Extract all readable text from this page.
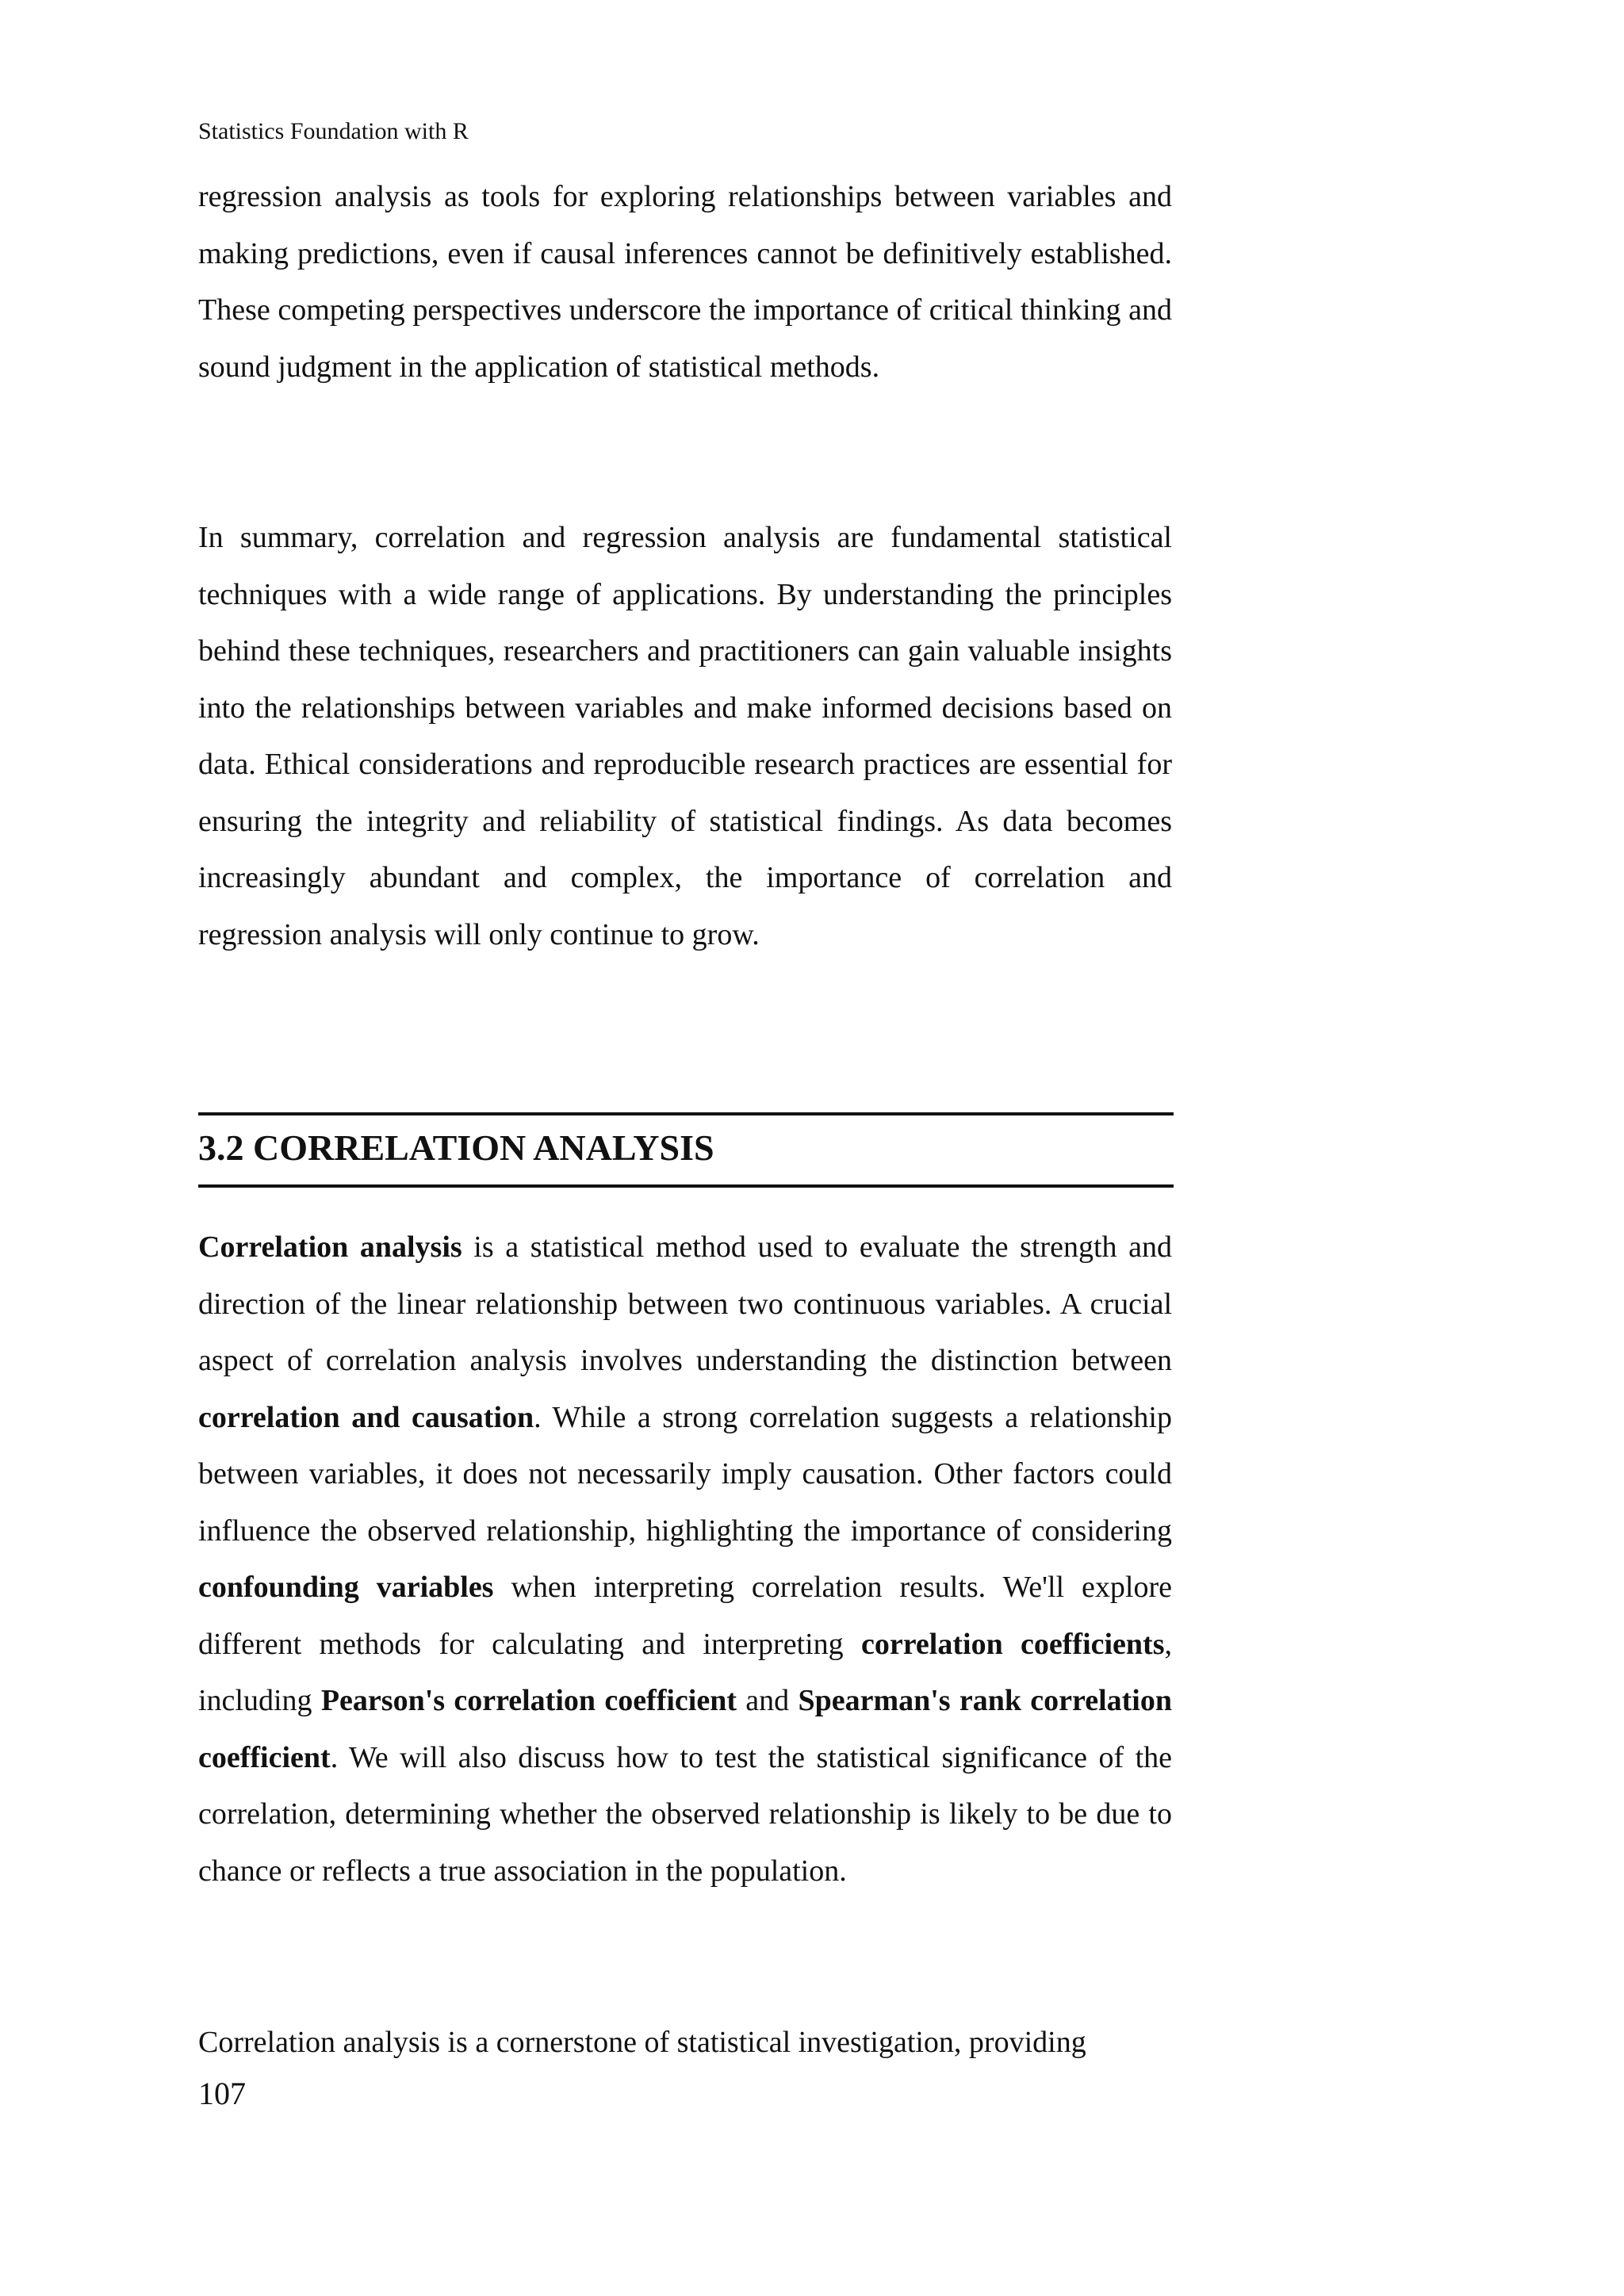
Statistics Foundation with R

regression analysis as tools for exploring relationships between variables and making predictions, even if causal inferences cannot be definitively established. These competing perspectives underscore the importance of critical thinking and sound judgment in the application of statistical methods.

In summary, correlation and regression analysis are fundamental statistical techniques with a wide range of applications. By understanding the principles behind these techniques, researchers and practitioners can gain valuable insights into the relationships between variables and make informed decisions based on data. Ethical considerations and reproducible research practices are essential for ensuring the integrity and reliability of statistical findings. As data becomes increasingly abundant and complex, the importance of correlation and regression analysis will only continue to grow.

3.2 CORRELATION ANALYSIS

Correlation analysis is a statistical method used to evaluate the strength and direction of the linear relationship between two continuous variables. A crucial aspect of correlation analysis involves understanding the distinction between correlation and causation. While a strong correlation suggests a relationship between variables, it does not necessarily imply causation. Other factors could influence the observed relationship, highlighting the importance of considering confounding variables when interpreting correlation results. We'll explore different methods for calculating and interpreting correlation coefficients, including Pearson's correlation coefficient and Spearman's rank correlation coefficient. We will also discuss how to test the statistical significance of the correlation, determining whether the observed relationship is likely to be due to chance or reflects a true association in the population.

Correlation analysis is a cornerstone of statistical investigation, providing

107
